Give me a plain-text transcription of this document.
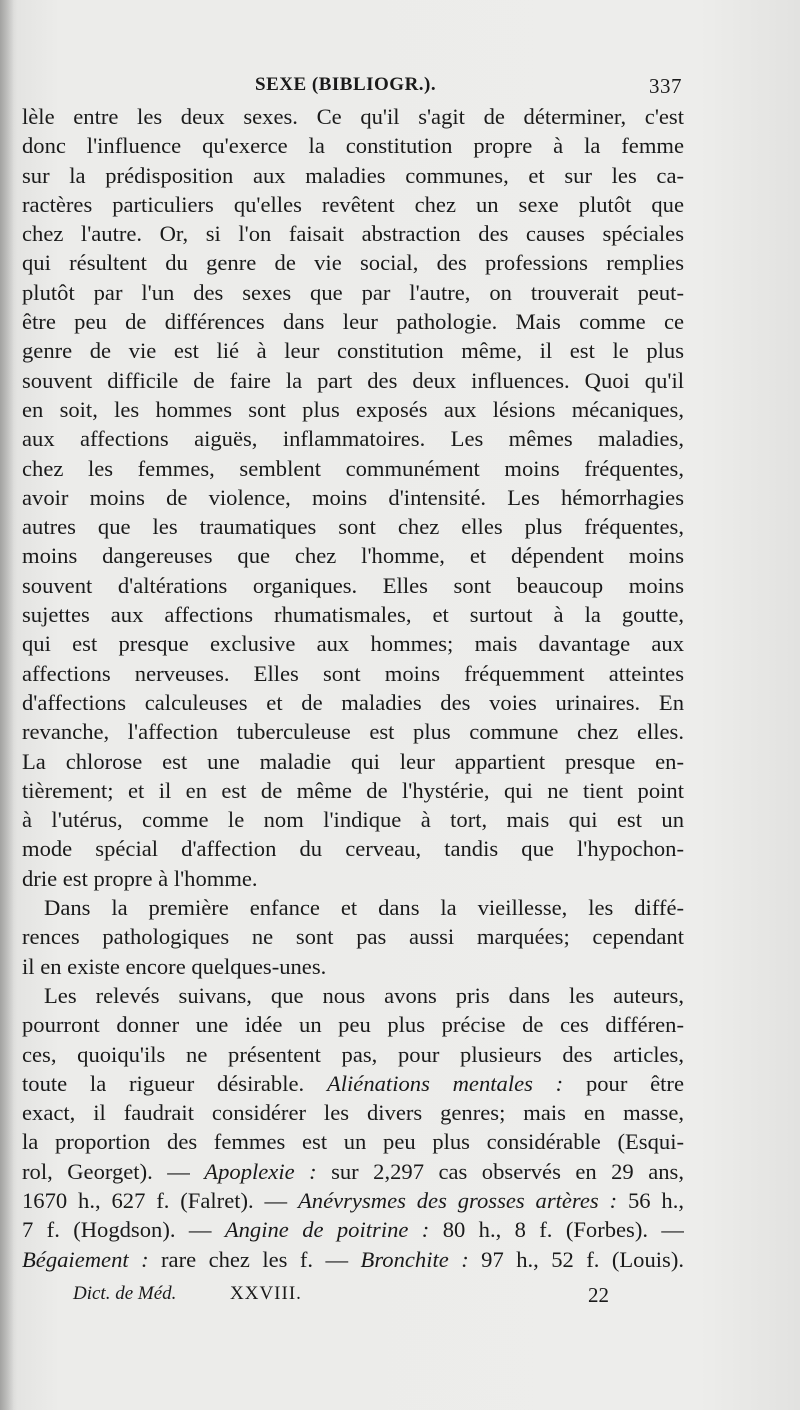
SEXE (BIBLIOGR.).	337
lèle entre les deux sexes. Ce qu'il s'agit de déterminer, c'est
donc l'influence qu'exerce la constitution propre à la femme
sur la prédisposition aux maladies communes, et sur les ca-
ractères particuliers qu'elles revêtent chez un sexe plutôt que
chez l'autre. Or, si l'on faisait abstraction des causes spéciales
qui résultent du genre de vie social, des professions remplies
plutôt par l'un des sexes que par l'autre, on trouverait peut-
être peu de différences dans leur pathologie. Mais comme ce
genre de vie est lié à leur constitution même, il est le plus
souvent difficile de faire la part des deux influences. Quoi qu'il
en soit, les hommes sont plus exposés aux lésions mécaniques,
aux affections aiguës, inflammatoires. Les mêmes maladies,
chez les femmes, semblent communément moins fréquentes,
avoir moins de violence, moins d'intensité. Les hémorrhagies
autres que les traumatiques sont chez elles plus fréquentes,
moins dangereuses que chez l'homme, et dépendent moins
souvent d'altérations organiques. Elles sont beaucoup moins
sujettes aux affections rhumatismales, et surtout à la goutte,
qui est presque exclusive aux hommes; mais davantage aux
affections nerveuses. Elles sont moins fréquemment atteintes
d'affections calculeuses et de maladies des voies urinaires. En
revanche, l'affection tuberculeuse est plus commune chez elles.
La chlorose est une maladie qui leur appartient presque en-
tièrement; et il en est de même de l'hystérie, qui ne tient point
à l'utérus, comme le nom l'indique à tort, mais qui est un
mode spécial d'affection du cerveau, tandis que l'hypochon-
drie est propre à l'homme.
Dans la première enfance et dans la vieillesse, les diffé-
rences pathologiques ne sont pas aussi marquées; cependant
il en existe encore quelques-unes.
Les relevés suivans, que nous avons pris dans les auteurs,
pourront donner une idée un peu plus précise de ces différen-
ces, quoiqu'ils ne présentent pas, pour plusieurs des articles,
toute la rigueur désirable. Aliénations mentales : pour être
exact, il faudrait considérer les divers genres; mais en masse,
la proportion des femmes est un peu plus considérable (Esqui-
rol, Georget). — Apoplexie : sur 2,297 cas observés en 29 ans,
1670 h., 627 f. (Falret). — Anévrysmes des grosses artères : 56 h.,
7 f. (Hogdson). — Angine de poitrine : 80 h., 8 f. (Forbes). —
Bégaiement : rare chez les f. — Bronchite : 97 h., 52 f. (Louis).
Dict. de Méd.	XXVIII.	22
